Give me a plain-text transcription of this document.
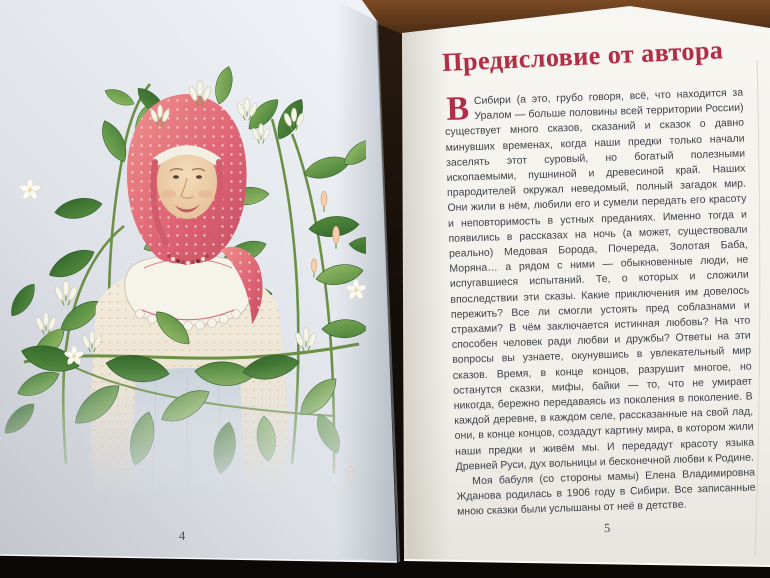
Предисловие от автора

В Сибири (а это, грубо говоря, всё, что находится за Уралом — больше половины всей территории России) существует много сказов, сказаний и сказок о давно минувших временах, когда наши предки только начали заселять этот суровый, но богатый полезными ископаемыми, пушниной и древесиной край. Наших прародителей окружал неведомый, полный загадок мир. Они жили в нём, любили его и сумели передать его красоту и неповторимость в устных преданиях. Именно тогда и появились в рассказах на ночь (а может, существовали реально) Медовая Борода, Почереда, Золотая Баба, Моряна… а рядом с ними — обыкновенные люди, не испугавшиеся испытаний. Те, о которых и сложили впоследствии эти сказы. Какие приключения им довелось пережить? Все ли смогли устоять пред соблазнами и страхами? В чём заключается истинная любовь? На что способен человек ради любви и дружбы? Ответы на эти вопросы вы узнаете, окунувшись в увлекательный мир сказов. Время, в конце концов, разрушит многое, но останутся сказки, мифы, байки — то, что не умирает никогда, бережно передаваясь из поколения в поколение. В каждой деревне, в каждом селе, рассказанные на свой лад, они, в конце концов, создадут картину мира, в котором жили наши предки и живём мы. И передадут красоту языка Древней Руси, дух вольницы и бесконечной любви к Родине.

Моя бабуля (со стороны мамы) Елена Владимировна Жданова родилась в 1906 году в Сибири. Все записанные мною сказки были услышаны от неё в детстве.

4
5
